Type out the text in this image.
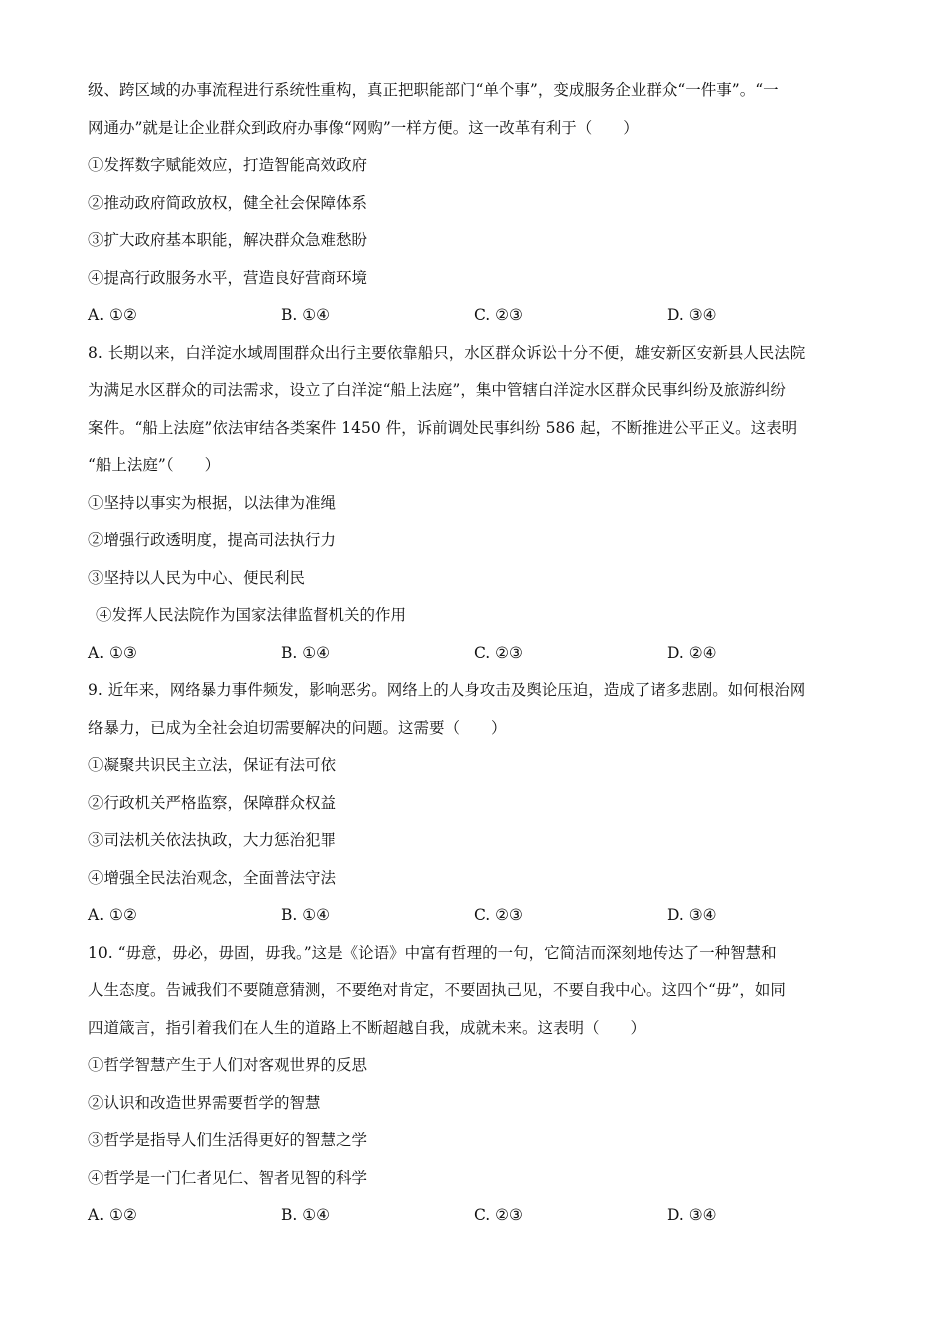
级、跨区域的办事流程进行系统性重构，真正把职能部门“单个事”，变成服务企业群众“一件事”。“一
网通办”就是让企业群众到政府办事像“网购”一样方便。这一改革有利于（　　）
①发挥数字赋能效应，打造智能高效政府
②推动政府简政放权，健全社会保障体系
③扩大政府基本职能，解决群众急难愁盼
④提高行政服务水平，营造良好营商环境
A. ①②	B. ①④	C. ②③	D. ③④
8. 长期以来，白洋淀水域周围群众出行主要依靠船只，水区群众诉讼十分不便，雄安新区安新县人民法院
为满足水区群众的司法需求，设立了白洋淀“船上法庭”，集中管辖白洋淀水区群众民事纠纷及旅游纠纷
案件。“船上法庭”依法审结各类案件 1450 件，诉前调处民事纠纷 586 起，不断推进公平正义。这表明
“船上法庭”（　　）
①坚持以事实为根据，以法律为准绳
②增强行政透明度，提高司法执行力
③坚持以人民为中心、便民利民
④发挥人民法院作为国家法律监督机关的作用
A. ①③	B. ①④	C. ②③	D. ②④
9. 近年来，网络暴力事件频发，影响恶劣。网络上的人身攻击及舆论压迫，造成了诸多悲剧。如何根治网
络暴力，已成为全社会迫切需要解决的问题。这需要（　　）
①凝聚共识民主立法，保证有法可依
②行政机关严格监察，保障群众权益
③司法机关依法执政，大力惩治犯罪
④增强全民法治观念，全面普法守法
A. ①②	B. ①④	C. ②③	D. ③④
10. “毋意，毋必，毋固，毋我。”这是《论语》中富有哲理的一句，它简洁而深刻地传达了一种智慧和
人生态度。告诫我们不要随意猜测，不要绝对肯定，不要固执己见，不要自我中心。这四个“毋”，如同
四道箴言，指引着我们在人生的道路上不断超越自我，成就未来。这表明（　　）
①哲学智慧产生于人们对客观世界的反思
②认识和改造世界需要哲学的智慧
③哲学是指导人们生活得更好的智慧之学
④哲学是一门仁者见仁、智者见智的科学
A. ①②	B. ①④	C. ②③	D. ③④
